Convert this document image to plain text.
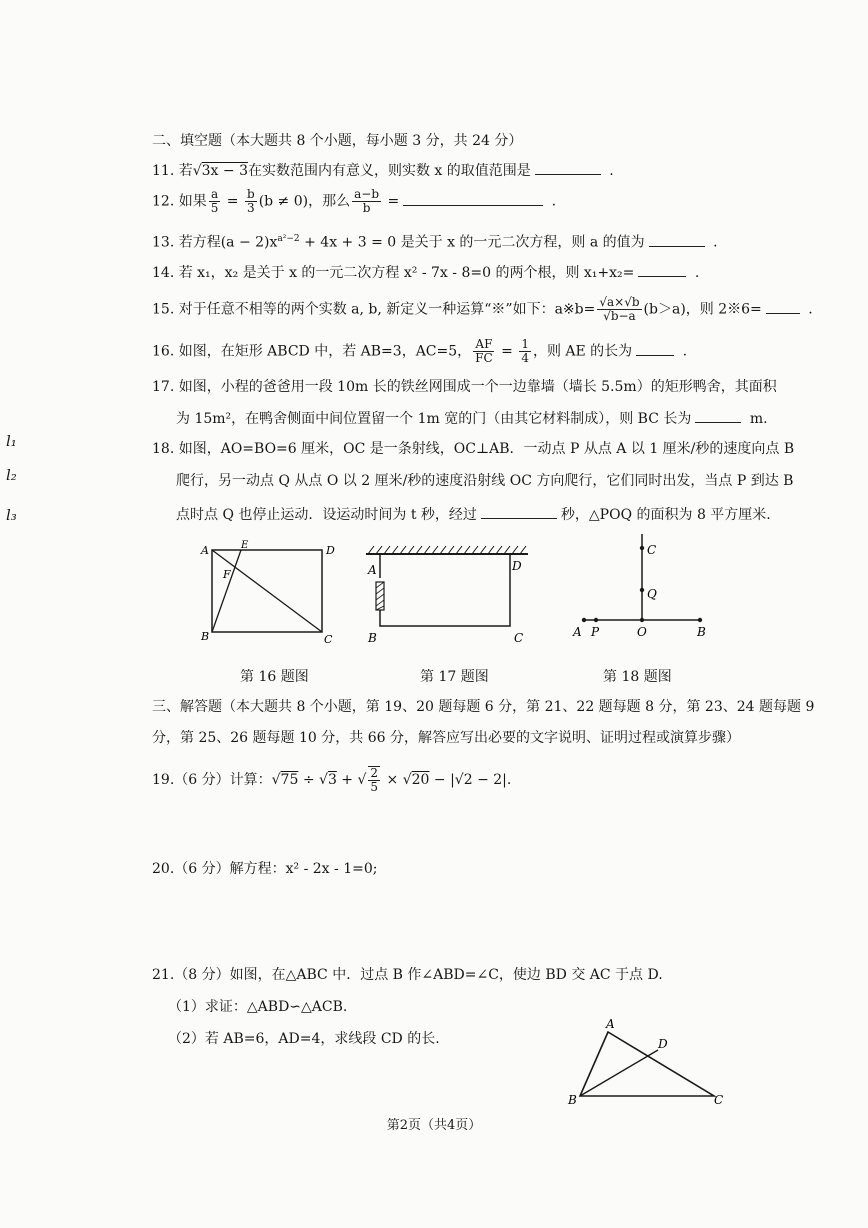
二、填空题（本大题共 8 个小题，每小题 3 分，共 24 分）
11. 若√3x − 3在实数范围内有意义，则实数 x 的取值范围是	.
12. 如果 $\frac{a}{5} = \frac{b}{3} (b \ne 0)$，那么 $\frac{a-b}{b}$ =	.
13. 若方程$(a - 2)x^{a^2-2} + 4x + 3 = 0$ 是关于 x 的一元二次方程，则 a 的值为	.
14. 若 x₁，x₂ 是关于 x 的一元二次方程 x² - 7x - 8=0 的两个根，则 x₁+x₂=	.
15. 对于任意不相等的两个实数 a, b, 新定义一种运算“※”如下：a※b= $\frac{√a\times√b}{√b-a} (b>a)$，则 2※6=	.
16. 如图，在矩形 ABCD 中，若 AB=3，AC=5， $\frac{AF}{FC} = \frac{1}{4}$ ，则 AE 的长为	.
17. 如图，小程的爸爸用一段 10m 长的铁丝网围成一个一边靠墙（墙长 5.5m）的矩形鸭舍，其面积
为 15m²，在鸭舍侧面中间位置留一个 1m 宽的门（由其它材料制成），则 BC 长为	m.
18. 如图，AO=BO=6 厘米，OC 是一条射线，OC⊥AB．一动点 P 从点 A 以 1 厘米/秒的速度向点 B
爬行，另一动点 Q 从点 O 以 2 厘米/秒的速度沿射线 OC 方向爬行，它们同时出发，当点 P 到达 B
点时点 Q 也停止运动．设运动时间为 t 秒，经过	秒，△POQ 的面积为 8 平方厘米.
l₁
l₂
l₃
A
B	C
D
E
F
第 16 题图
A
B	C
D
第 17 题图
A P	O	B
Q
C
第 18 题图
三、解答题（本大题共 8 个小题，第 19、20 题每题 6 分，第 21、22 题每题 8 分，第 23、24 题每题 9
分，第 25、26 题每题 10 分，共 66 分，解答应写出必要的文字说明、证明过程或演算步骤）
19.（6 分）计算：√75 ÷ √3 + √ $\frac{2}{5} \times √20 - |√2 - 2|$.
20.（6 分）解方程：x² - 2x - 1=0;
21.（8 分）如图，在△ABC 中．过点 B 作∠ABD=∠C，使边 BD 交 AC 于点 D.
（1）求证：△ABD∽△ACB.
（2）若 AB=6，AD=4，求线段 CD 的长.
A
B	C
D
第2页（共4页）
